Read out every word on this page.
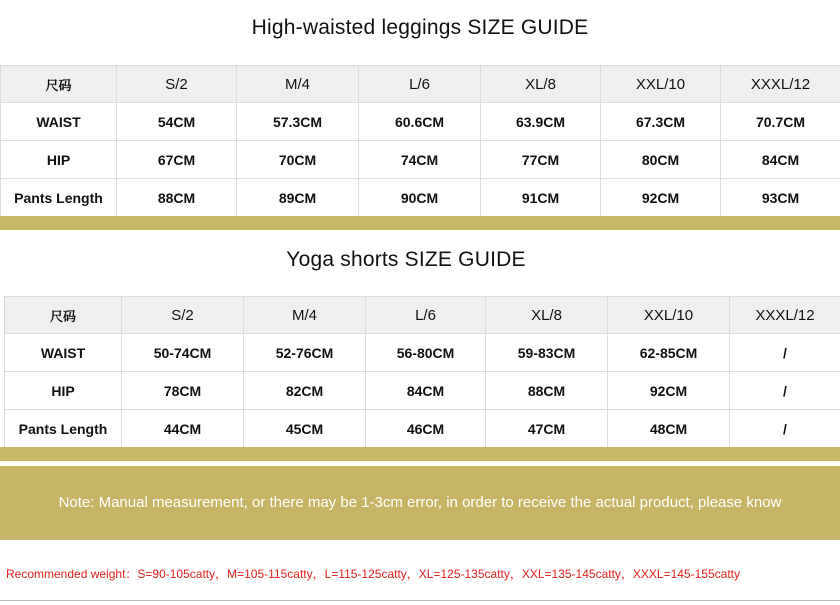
High-waisted leggings SIZE GUIDE
尺码	S/2	M/4	L/6	XL/8	XXL/10	XXXL/12
WAIST	54CM	57.3CM	60.6CM	63.9CM	67.3CM	70.7CM
HIP	67CM	70CM	74CM	77CM	80CM	84CM
Pants Length	88CM	89CM	90CM	91CM	92CM	93CM
Yoga shorts SIZE GUIDE
尺码	S/2	M/4	L/6	XL/8	XXL/10	XXXL/12
WAIST	50-74CM	52-76CM	56-80CM	59-83CM	62-85CM	/
HIP	78CM	82CM	84CM	88CM	92CM	/
Pants Length	44CM	45CM	46CM	47CM	48CM	/
Note: Manual measurement, or there may be 1-3cm error, in order to receive the actual product, please know
Recommended weight：S=90-105catty，M=105-115catty，L=115-125catty，XL=125-135catty，XXL=135-145catty，XXXL=145-155catty
